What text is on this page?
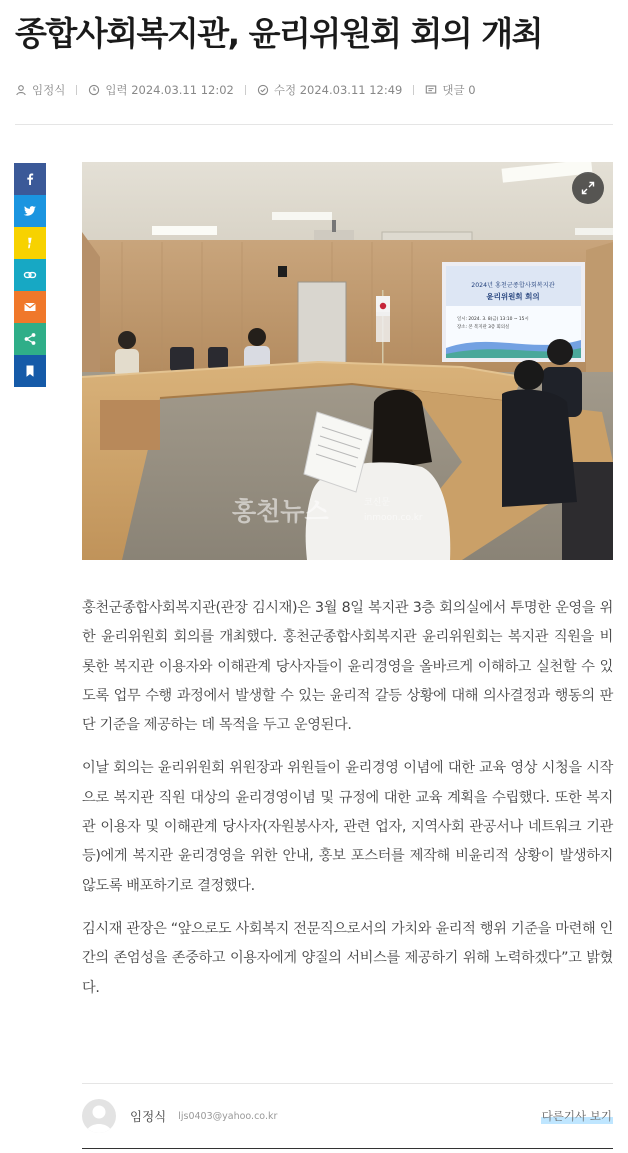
종합사회복지관, 윤리위원회 회의 개최
임정식	입력
2024.03.11 12:02	수정
2024.03.11 12:49	댓글
0
2024년 홍천군종합사회복지관
윤리위원회 회의
일시: 2024. 3. 8(금) 13:10 ~ 15시
장소: 본 복지관 3층 회의실
홍천뉴스	코신문
inmoon.co.kr

홍천군종합사회복지관(관장 김시재)은 3월 8일 복지관 3층 회의실에서 투명한 운영을 위한 윤리위원회 회의를 개최했다. 홍천군종합사회복지관 윤리위원회는 복지관 직원을 비롯한 복지관 이용자와 이해관계 당사자들이 윤리경영을 올바르게 이해하고 실천할 수 있도록 업무 수행 과정에서 발생할 수 있는 윤리적 갈등 상황에 대해 의사결정과 행동의 판단 기준을 제공하는 데 목적을 두고 운영된다.

이날 회의는 윤리위원회 위원장과 위원들이 윤리경영 이념에 대한 교육 영상 시청을 시작으로 복지관 직원 대상의 윤리경영이념 및 규정에 대한 교육 계획을 수립했다. 또한 복지관 이용자 및 이해관계 당사자(자원봉사자, 관련 업자, 지역사회 관공서나 네트워크 기관 등)에게 복지관 윤리경영을 위한 안내, 홍보 포스터를 제작해 비윤리적 상황이 발생하지 않도록 배포하기로 결정했다.

김시재 관장은 “앞으로도 사회복지 전문직으로서의 가치와 윤리적 행위 기준을 마련해 인간의 존엄성을 존중하고 이용자에게 양질의 서비스를 제공하기 위해 노력하겠다”고 밝혔다.

임정식 ljs0403@yahoo.co.kr	다른기사 보기
